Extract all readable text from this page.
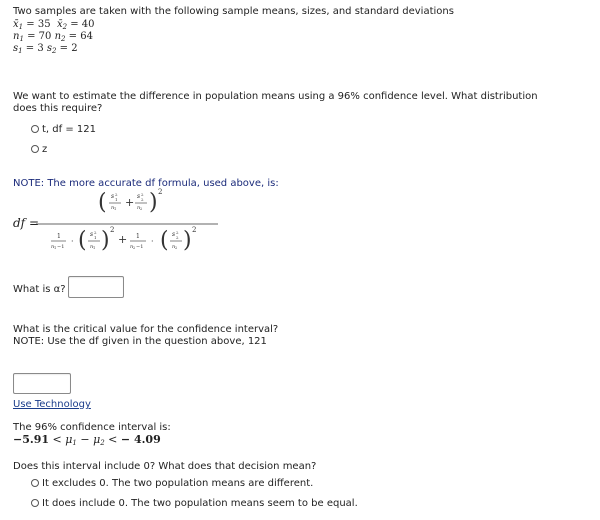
Two samples are taken with the following sample means, sizes, and standard deviations
$x̄_1 = 35$  $x̄_2 = 40$
$n_1 = 70$ $n_2 = 64$
$s_1 = 3$ $s_2 = 2$
We want to estimate the difference in population means using a 96% confidence level. What distribution
does this require?
t, df = 121
z
NOTE: The more accurate df formula, used above, is:
df =
( s 2
1
n 1 + s 2
2
n 2 ) 2
1
n 1 −1
· ( s 2
1
n 1 ) 2
+ 1
n 2 −1
· ( s 2
2
n 2 ) 2
What is α?
What is the critical value for the confidence interval?
NOTE: Use the df given in the question above, 121
Use Technology
The 96% confidence interval is:
$-5.91 < \mu_1 - \mu_2$ < − 4.09
Does this interval include 0? What does that decision mean?
It excludes 0. The two population means are different.
It does include 0. The two population means seem to be equal.
